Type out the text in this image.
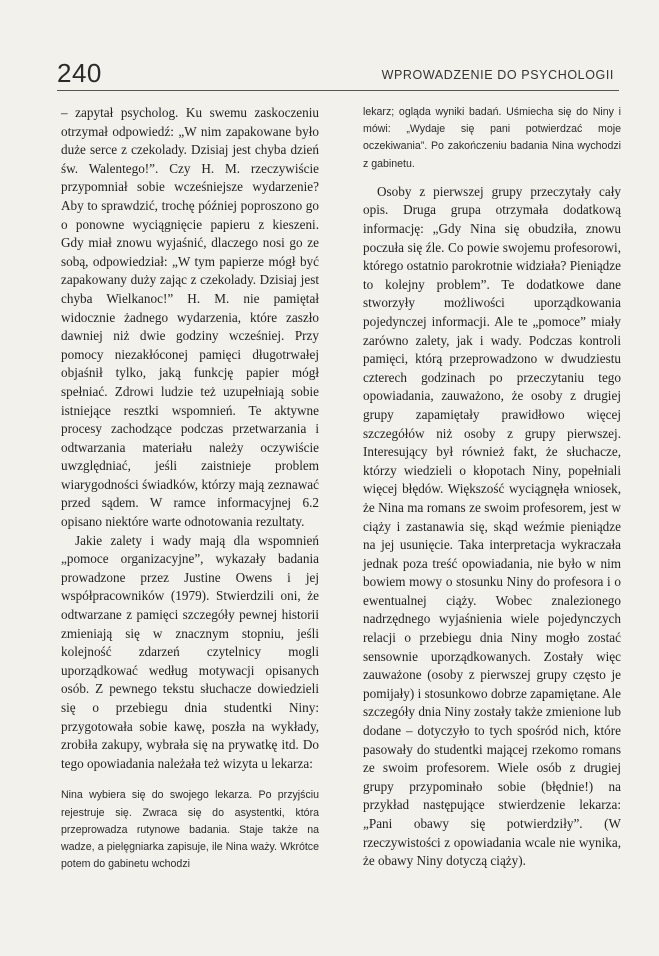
240	WPROWADZENIE DO PSYCHOLOGII

– zapytał psycholog. Ku swemu zaskoczeniu otrzymał odpowiedź: „W nim zapakowane było duże serce z czekolady. Dzisiaj jest chyba dzień św. Walentego!”. Czy H. M. rzeczywiście przypomniał sobie wcześniejsze wydarzenie? Aby to sprawdzić, trochę później poproszono go o ponowne wyciągnięcie papieru z kieszeni. Gdy miał znowu wyjaśnić, dlaczego nosi go ze sobą, odpowiedział: „W tym papierze mógł być zapakowany duży zając z czekolady. Dzisiaj jest chyba Wielkanoc!” H. M. nie pamiętał widocznie żadnego wydarzenia, które zaszło dawniej niż dwie godziny wcześniej. Przy pomocy niezakłóconej pamięci długotrwałej objaśnił tylko, jaką funkcję papier mógł spełniać. Zdrowi ludzie też uzupełniają sobie istniejące resztki wspomnień. Te aktywne procesy zachodzące podczas przetwarzania i odtwarzania materiału należy oczywiście uwzględniać, jeśli zaistnieje problem wiarygodności świadków, którzy mają zeznawać przed sądem. W ramce informacyjnej 6.2 opisano niektóre warte odnotowania rezultaty.

Jakie zalety i wady mają dla wspomnień „pomoce organizacyjne”, wykazały badania prowadzone przez Justine Owens i jej współpracowników (1979). Stwierdzili oni, że odtwarzane z pamięci szczegóły pewnej historii zmieniają się w znacznym stopniu, jeśli kolejność zdarzeń czytelnicy mogli uporządkować według motywacji opisanych osób. Z pewnego tekstu słuchacze dowiedzieli się o przebiegu dnia studentki Niny: przygotowała sobie kawę, poszła na wykłady, zrobiła zakupy, wybrała się na prywatkę itd. Do tego opowiadania należała też wizyta u lekarza:

Nina wybiera się do swojego lekarza. Po przyjściu rejestruje się. Zwraca się do asystentki, która przeprowadza rutynowe badania. Staje także na wadze, a pielęgniarka zapisuje, ile Nina waży. Wkrótce potem do gabinetu wchodzi

lekarz; ogląda wyniki badań. Uśmiecha się do Niny i mówi: „Wydaje się pani potwierdzać moje oczekiwania”. Po zakończeniu badania Nina wychodzi z gabinetu.

Osoby z pierwszej grupy przeczytały cały opis. Druga grupa otrzymała dodatkową informację: „Gdy Nina się obudziła, znowu poczuła się źle. Co powie swojemu profesorowi, którego ostatnio parokrotnie widziała? Pieniądze to kolejny problem”. Te dodatkowe dane stworzyły możliwości uporządkowania pojedynczej informacji. Ale te „pomoce” miały zarówno zalety, jak i wady. Podczas kontroli pamięci, którą przeprowadzono w dwudziestu czterech godzinach po przeczytaniu tego opowiadania, zauważono, że osoby z drugiej grupy zapamiętały prawidłowo więcej szczegółów niż osoby z grupy pierwszej. Interesujący był również fakt, że słuchacze, którzy wiedzieli o kłopotach Niny, popełniali więcej błędów. Większość wyciągnęła wniosek, że Nina ma romans ze swoim profesorem, jest w ciąży i zastanawia się, skąd weźmie pieniądze na jej usunięcie. Taka interpretacja wykraczała jednak poza treść opowiadania, nie było w nim bowiem mowy o stosunku Niny do profesora i o ewentualnej ciąży. Wobec znalezionego nadrzędnego wyjaśnienia wiele pojedynczych relacji o przebiegu dnia Niny mogło zostać sensownie uporządkowanych. Zostały więc zauważone (osoby z pierwszej grupy często je pomijały) i stosunkowo dobrze zapamiętane. Ale szczegóły dnia Niny zostały także zmienione lub dodane – dotyczyło to tych spośród nich, które pasowały do studentki mającej rzekomo romans ze swoim profesorem. Wiele osób z drugiej grupy przypominało sobie (błędnie!) na przykład następujące stwierdzenie lekarza: „Pani obawy się potwierdziły”. (W rzeczywistości z opowiadania wcale nie wynika, że obawy Niny dotyczą ciąży).
